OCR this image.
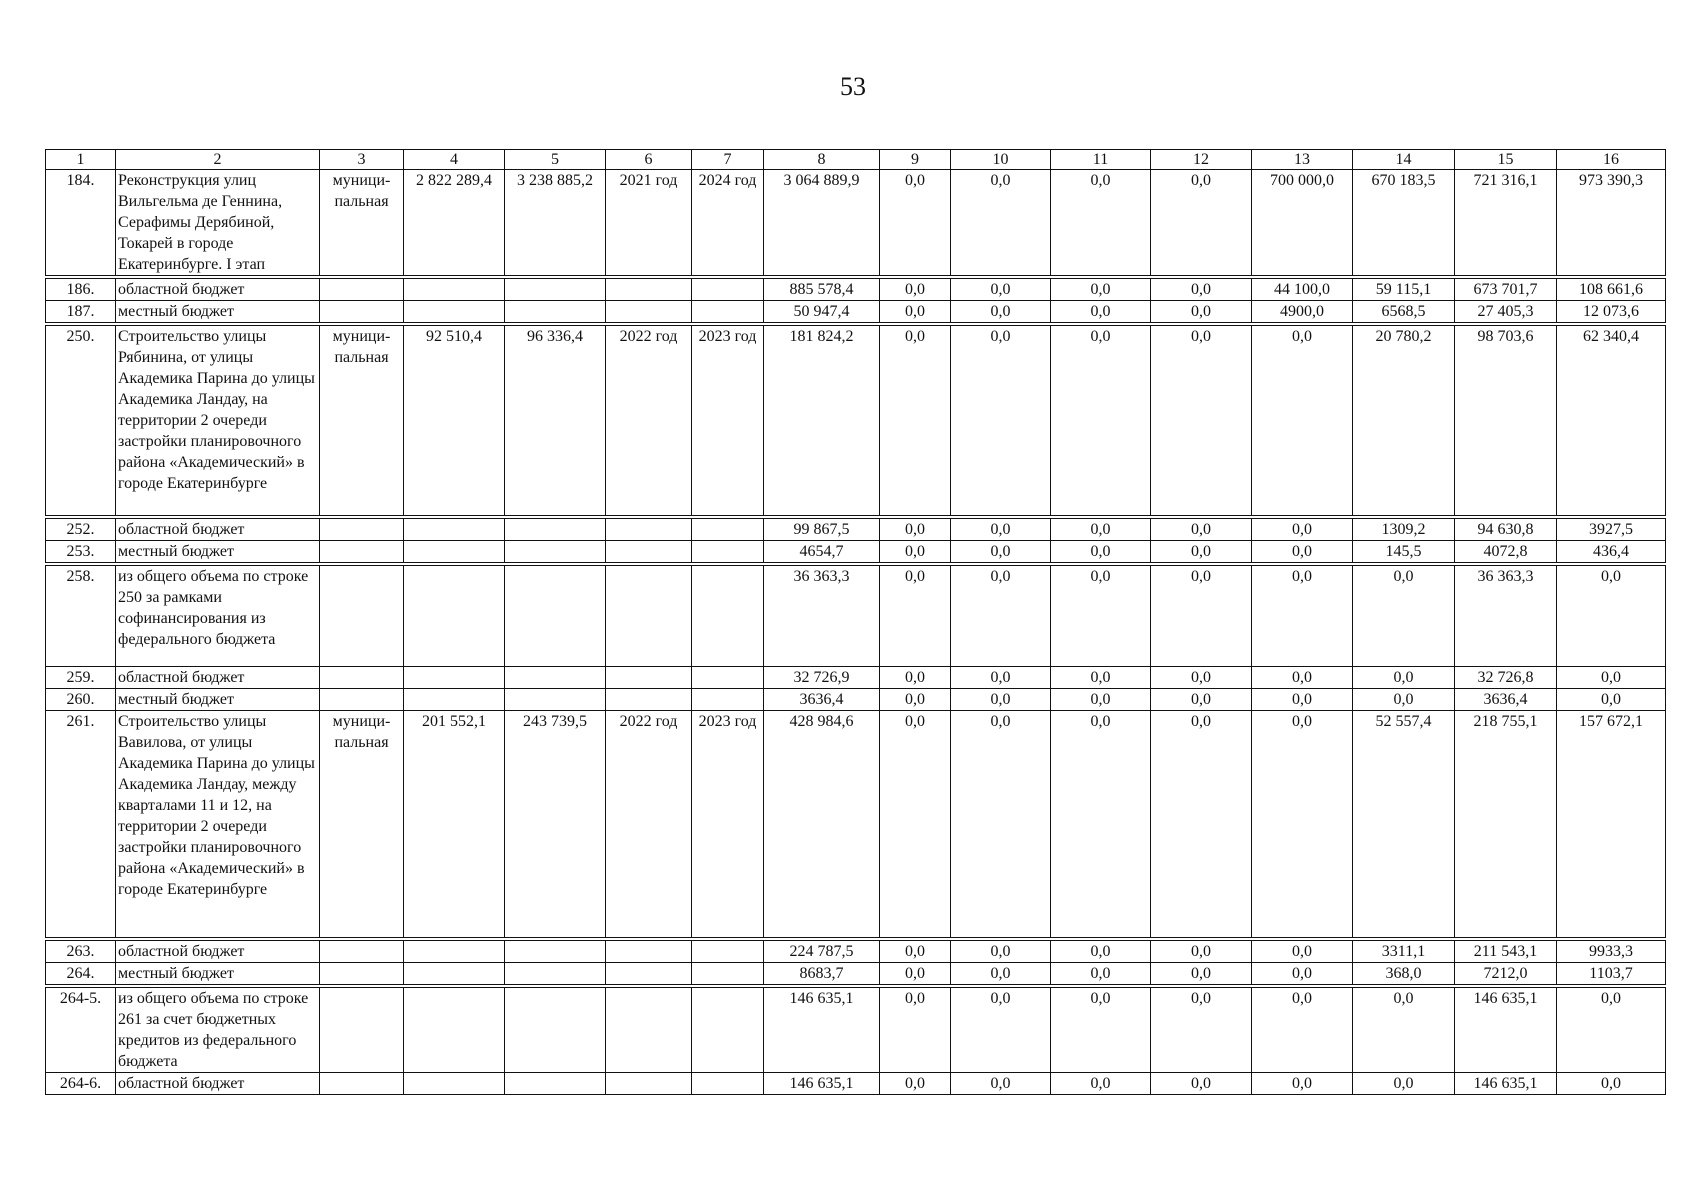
53
1	2	3	4	5	6	7	8	9	10	11	12	13	14	15	16
184.	Реконструкция улиц Вильгельма де Геннина, Серафимы Дерябиной, Токарей в городе Екатеринбурге. I этап	муници-пальная	2 822 289,4	3 238 885,2	2021 год	2024 год	3 064 889,9	0,0	0,0	0,0	0,0	700 000,0	670 183,5	721 316,1	973 390,3
186.	областной бюджет						885 578,4	0,0	0,0	0,0	0,0	44 100,0	59 115,1	673 701,7	108 661,6
187.	местный бюджет						50 947,4	0,0	0,0	0,0	0,0	4900,0	6568,5	27 405,3	12 073,6
250.	Строительство улицы Рябинина, от улицы Академика Парина до улицы Академика Ландау, на территории 2 очереди застройки планировочного района «Академический» в городе Екатеринбурге	муници-пальная	92 510,4	96 336,4	2022 год	2023 год	181 824,2	0,0	0,0	0,0	0,0	0,0	20 780,2	98 703,6	62 340,4
252.	областной бюджет						99 867,5	0,0	0,0	0,0	0,0	0,0	1309,2	94 630,8	3927,5
253.	местный бюджет						4654,7	0,0	0,0	0,0	0,0	0,0	145,5	4072,8	436,4
258.	из общего объема по строке 250 за рамками софинансирования из федерального бюджета						36 363,3	0,0	0,0	0,0	0,0	0,0	0,0	36 363,3	0,0
259.	областной бюджет						32 726,9	0,0	0,0	0,0	0,0	0,0	0,0	32 726,8	0,0
260.	местный бюджет						3636,4	0,0	0,0	0,0	0,0	0,0	0,0	3636,4	0,0
261.	Строительство улицы Вавилова, от улицы Академика Парина до улицы Академика Ландау, между кварталами 11 и 12, на территории 2 очереди застройки планировочного района «Академический» в городе Екатеринбурге	муници-пальная	201 552,1	243 739,5	2022 год	2023 год	428 984,6	0,0	0,0	0,0	0,0	0,0	52 557,4	218 755,1	157 672,1
263.	областной бюджет						224 787,5	0,0	0,0	0,0	0,0	0,0	3311,1	211 543,1	9933,3
264.	местный бюджет						8683,7	0,0	0,0	0,0	0,0	0,0	368,0	7212,0	1103,7
264-5.	из общего объема по строке 261 за счет бюджетных кредитов из федерального бюджета						146 635,1	0,0	0,0	0,0	0,0	0,0	0,0	146 635,1	0,0
264-6.	областной бюджет						146 635,1	0,0	0,0	0,0	0,0	0,0	0,0	146 635,1	0,0
